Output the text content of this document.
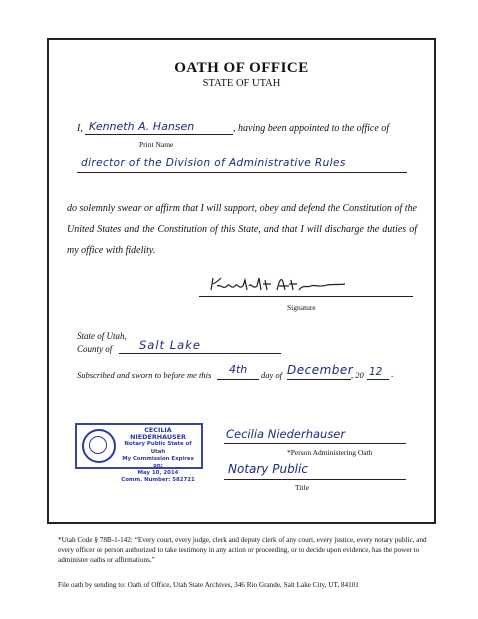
OATH OF OFFICE
STATE OF UTAH
I, Kenneth A. Hansen	, having been appointed to the office of
Print Name
director of the Division of Administrative Rules
do solemnly swear or affirm that I will support, obey and defend the Constitution of the United States and the Constitution of this State, and that I will discharge the duties of my office with fidelity.
Signature
State of Utah,
County of Salt Lake
Subscribed and sworn to before me this 4th day of December
, 20 12 .
CECILIA NIEDERHAUSER
Notary Public State of Utah
My Commission Expires on:
May 10, 2014
Comm. Number: 582721
Cecilia Niederhauser
*Person Administering Oath
Notary Public
Title
*Utah Code § 78B-1-142: “Every court, every judge, clerk and deputy clerk of any court, every justice, every notary public, and every officer or person authorized to take testimony in any action or proceeding, or to decide upon evidence, has the power to administer oaths or affirmations.”
File oath by sending to: Oath of Office, Utah State Archives, 346 Rio Grande, Salt Lake City, UT, 84101
